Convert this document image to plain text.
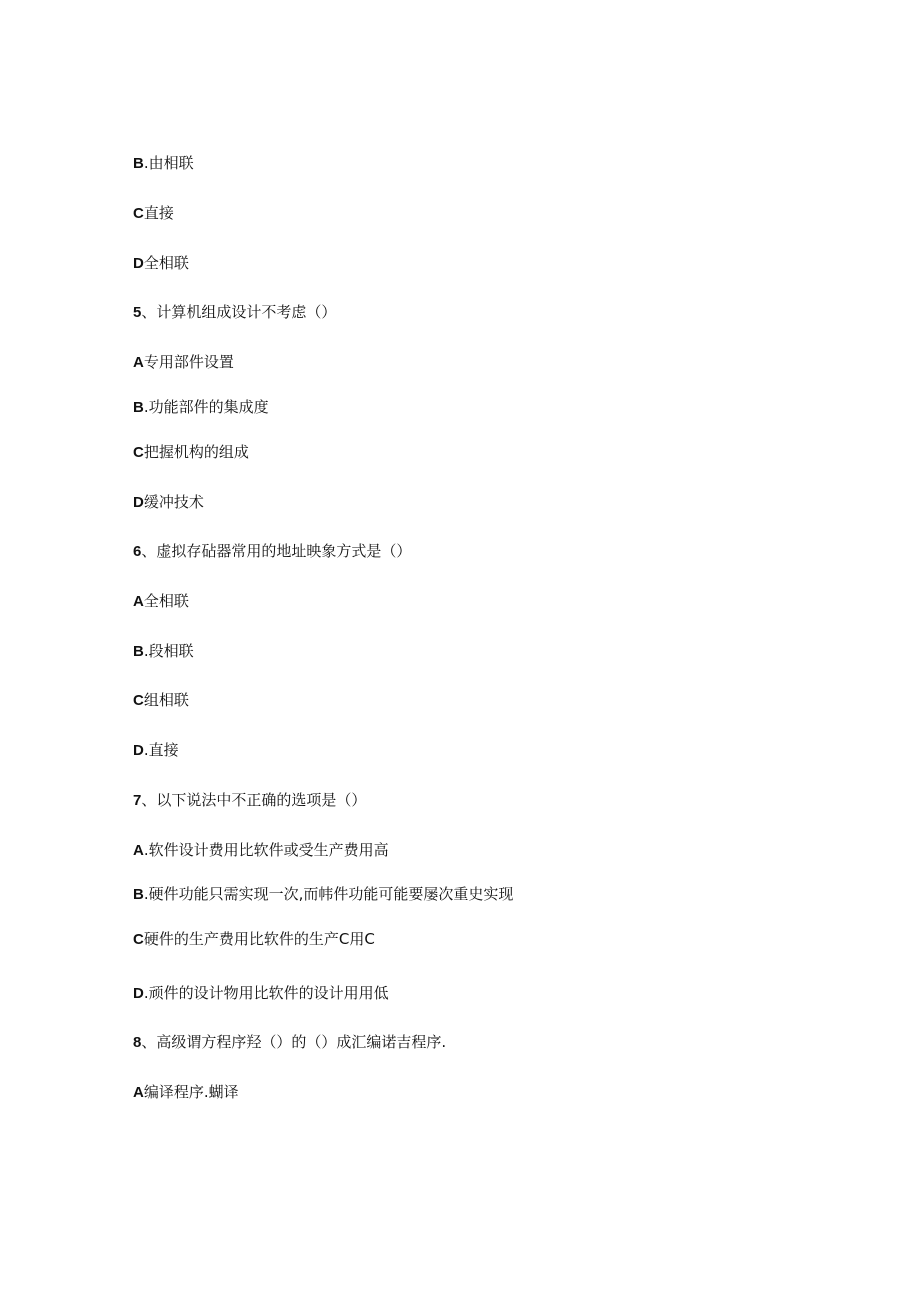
B.由相联
C直接
D全相联
5、计算机组成设计不考虑（）
A专用部件设置
B.功能部件的集成度
C把握机构的组成
D缓冲技术
6、虚拟存砧器常用的地址映象方式是（）
A全相联
B.段相联
C组相联
D.直接
7、以下说法中不正确的选项是（）
A.软件设计费用比软件或受生产费用高
B.硬件功能只需实现一次,而帏件功能可能要屡次重史实现
C硬件的生产费用比软件的生产C用C
D.顽件的设计物用比软件的设计用用低
8、高级谓方程序羟（）的（）成汇编诺吉程序.
A编译程序.蝴译
